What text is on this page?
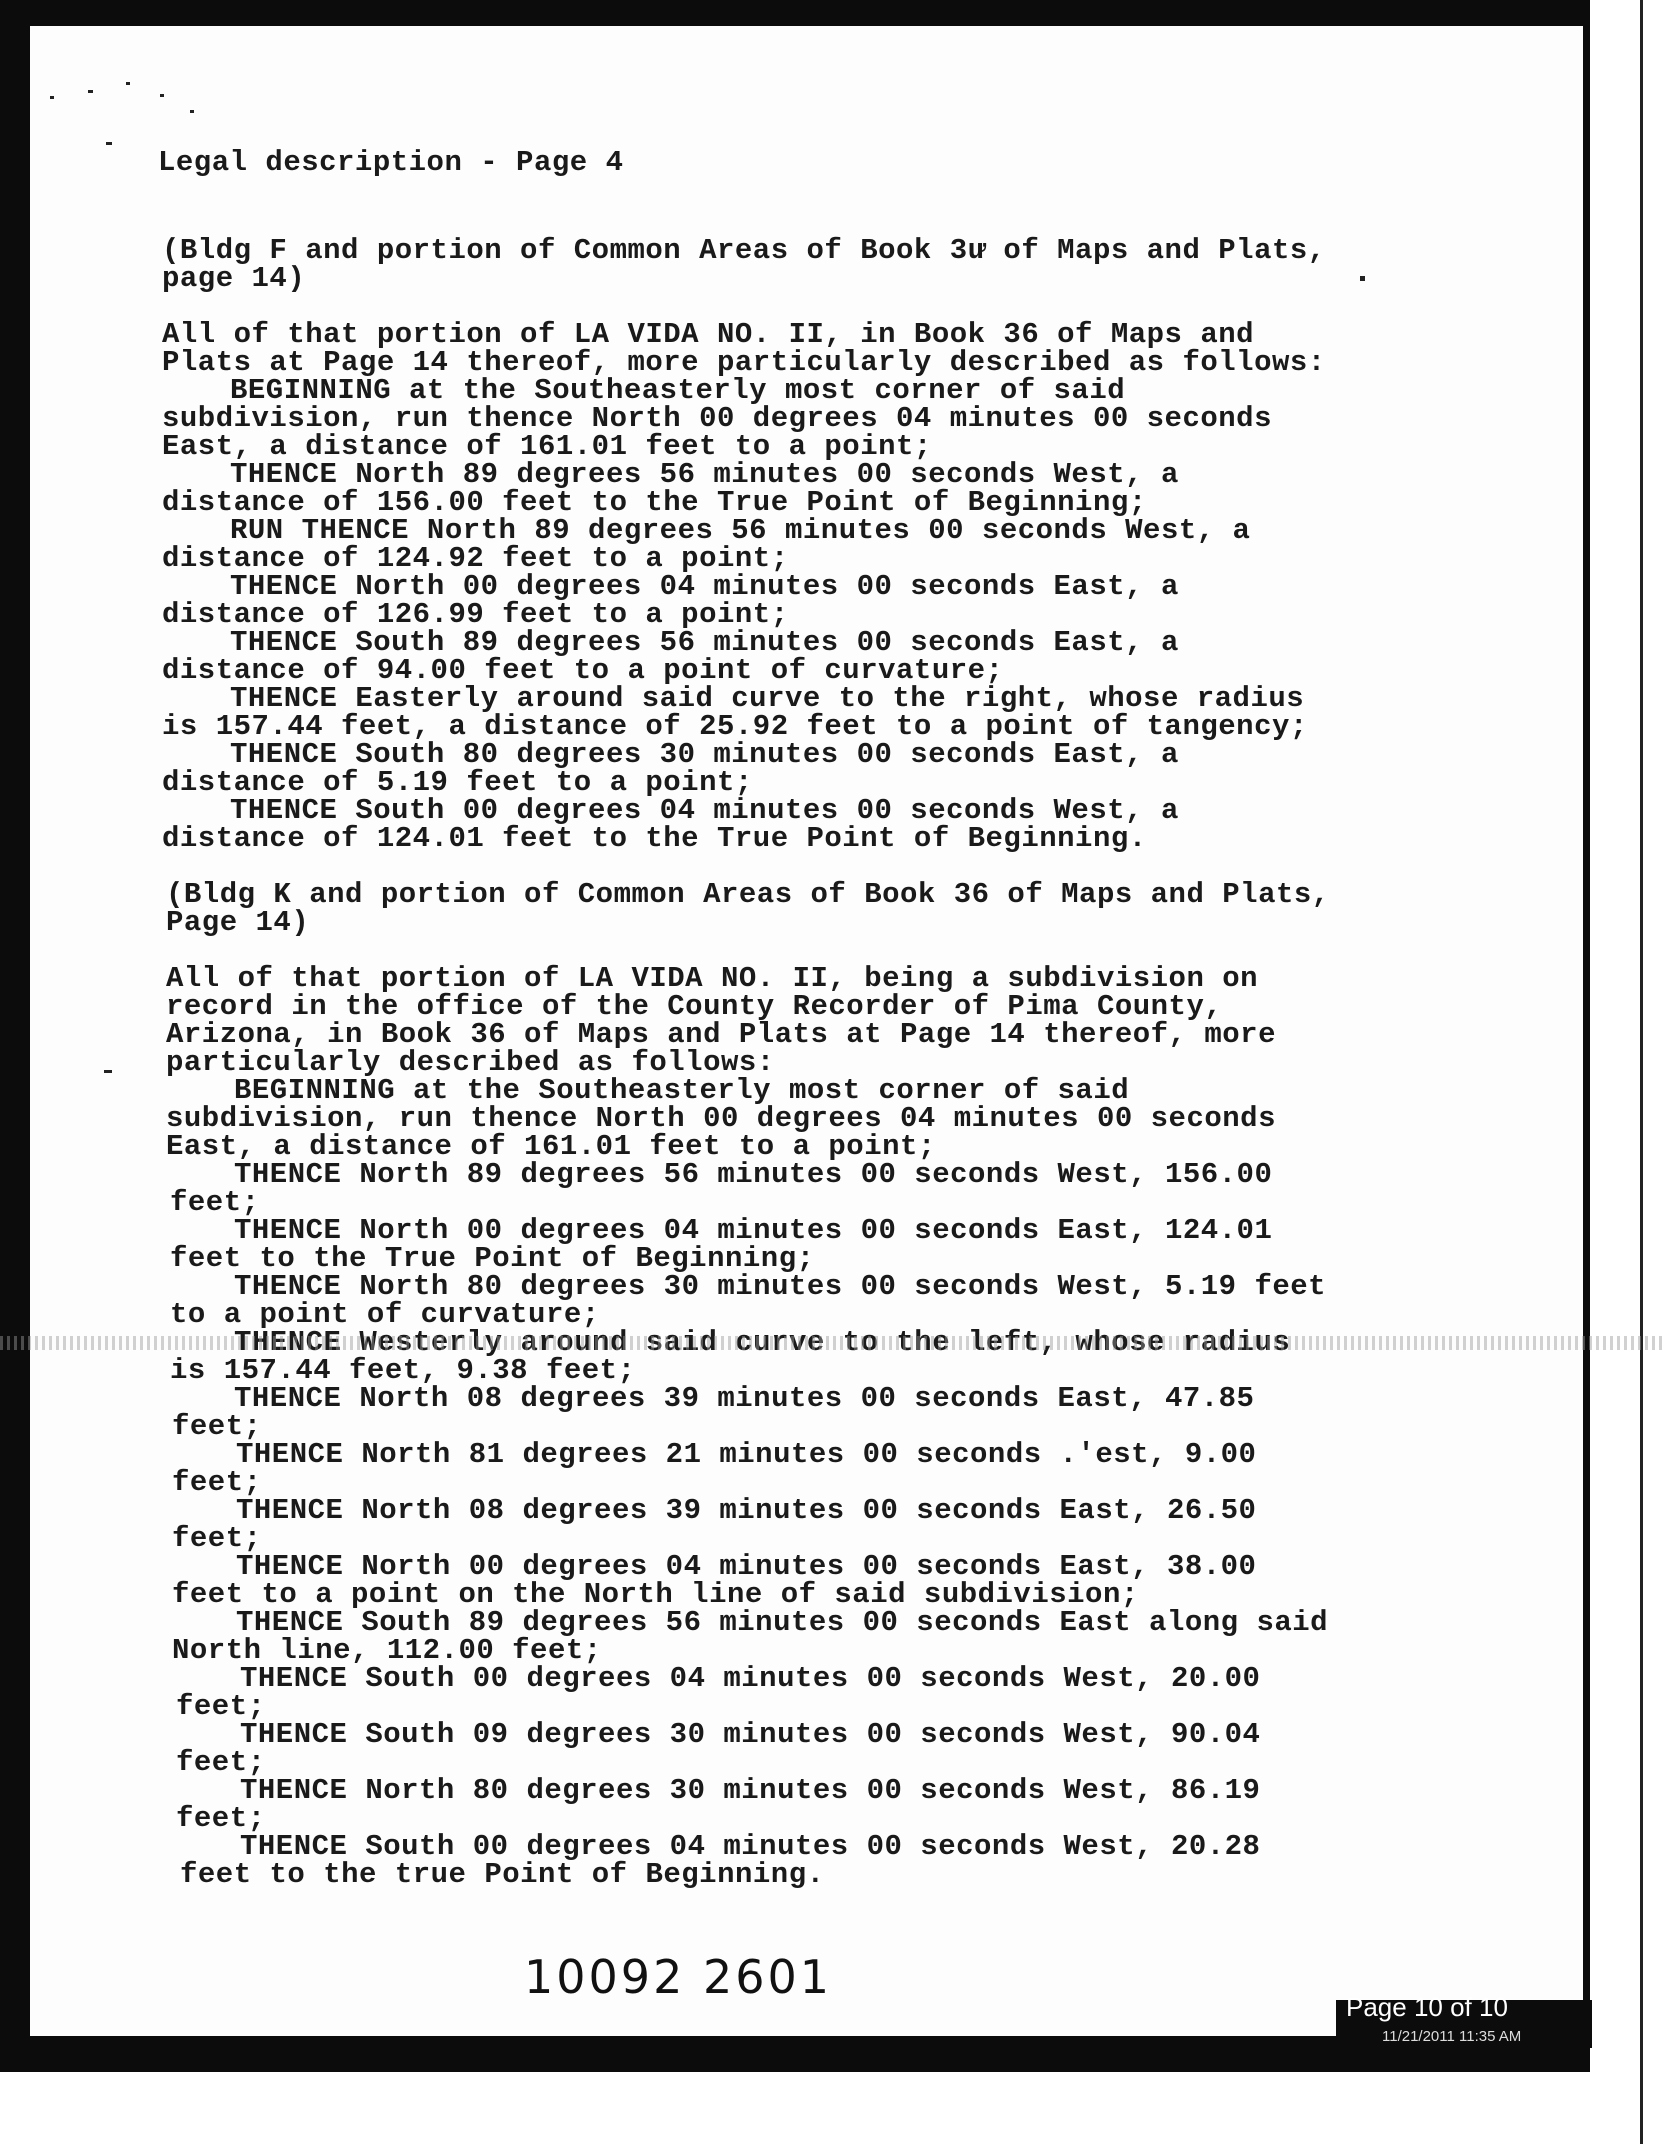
Legal description - Page 4
(Bldg F and portion of Common Areas of Book 3ư of Maps and Plats,
page 14)
All of that portion of LA VIDA NO. II, in Book 36 of Maps and
Plats at Page 14 thereof, more particularly described as follows:
BEGINNING at the Southeasterly most corner of said
subdivision, run thence North 00 degrees 04 minutes 00 seconds
East, a distance of 161.01 feet to a point;
THENCE North 89 degrees 56 minutes 00 seconds West, a
distance of 156.00 feet to the True Point of Beginning;
RUN THENCE North 89 degrees 56 minutes 00 seconds West, a
distance of 124.92 feet to a point;
THENCE North 00 degrees 04 minutes 00 seconds East, a
distance of 126.99 feet to a point;
THENCE South 89 degrees 56 minutes 00 seconds East, a
distance of 94.00 feet to a point of curvature;
THENCE Easterly around said curve to the right, whose radius
is 157.44 feet, a distance of 25.92 feet to a point of tangency;
THENCE South 80 degrees 30 minutes 00 seconds East, a
distance of 5.19 feet to a point;
THENCE South 00 degrees 04 minutes 00 seconds West, a
distance of 124.01 feet to the True Point of Beginning.
(Bldg K and portion of Common Areas of Book 36 of Maps and Plats,
Page 14)
All of that portion of LA VIDA NO. II, being a subdivision on
record in the office of the County Recorder of Pima County,
Arizona, in Book 36 of Maps and Plats at Page 14 thereof, more
particularly described as follows:
BEGINNING at the Southeasterly most corner of said
subdivision, run thence North 00 degrees 04 minutes 00 seconds
East, a distance of 161.01 feet to a point;
THENCE North 89 degrees 56 minutes 00 seconds West, 156.00
feet;
THENCE North 00 degrees 04 minutes 00 seconds East, 124.01
feet to the True Point of Beginning;
THENCE North 80 degrees 30 minutes 00 seconds West, 5.19 feet
to a point of curvature;
THENCE Westerly around said curve to the left, whose radius
is 157.44 feet, 9.38 feet;
THENCE North 08 degrees 39 minutes 00 seconds East, 47.85
feet;
THENCE North 81 degrees 21 minutes 00 seconds .'est, 9.00
feet;
THENCE North 08 degrees 39 minutes 00 seconds East, 26.50
feet;
THENCE North 00 degrees 04 minutes 00 seconds East, 38.00
feet to a point on the North line of said subdivision;
THENCE South 89 degrees 56 minutes 00 seconds East along said
North line, 112.00 feet;
THENCE South 00 degrees 04 minutes 00 seconds West, 20.00
feet;
THENCE South 09 degrees 30 minutes 00 seconds West, 90.04
feet;
THENCE North 80 degrees 30 minutes 00 seconds West, 86.19
feet;
THENCE South 00 degrees 04 minutes 00 seconds West, 20.28
feet to the true Point of Beginning.
10092 2601
Page 10 of 10
11/21/2011 11:35 AM
